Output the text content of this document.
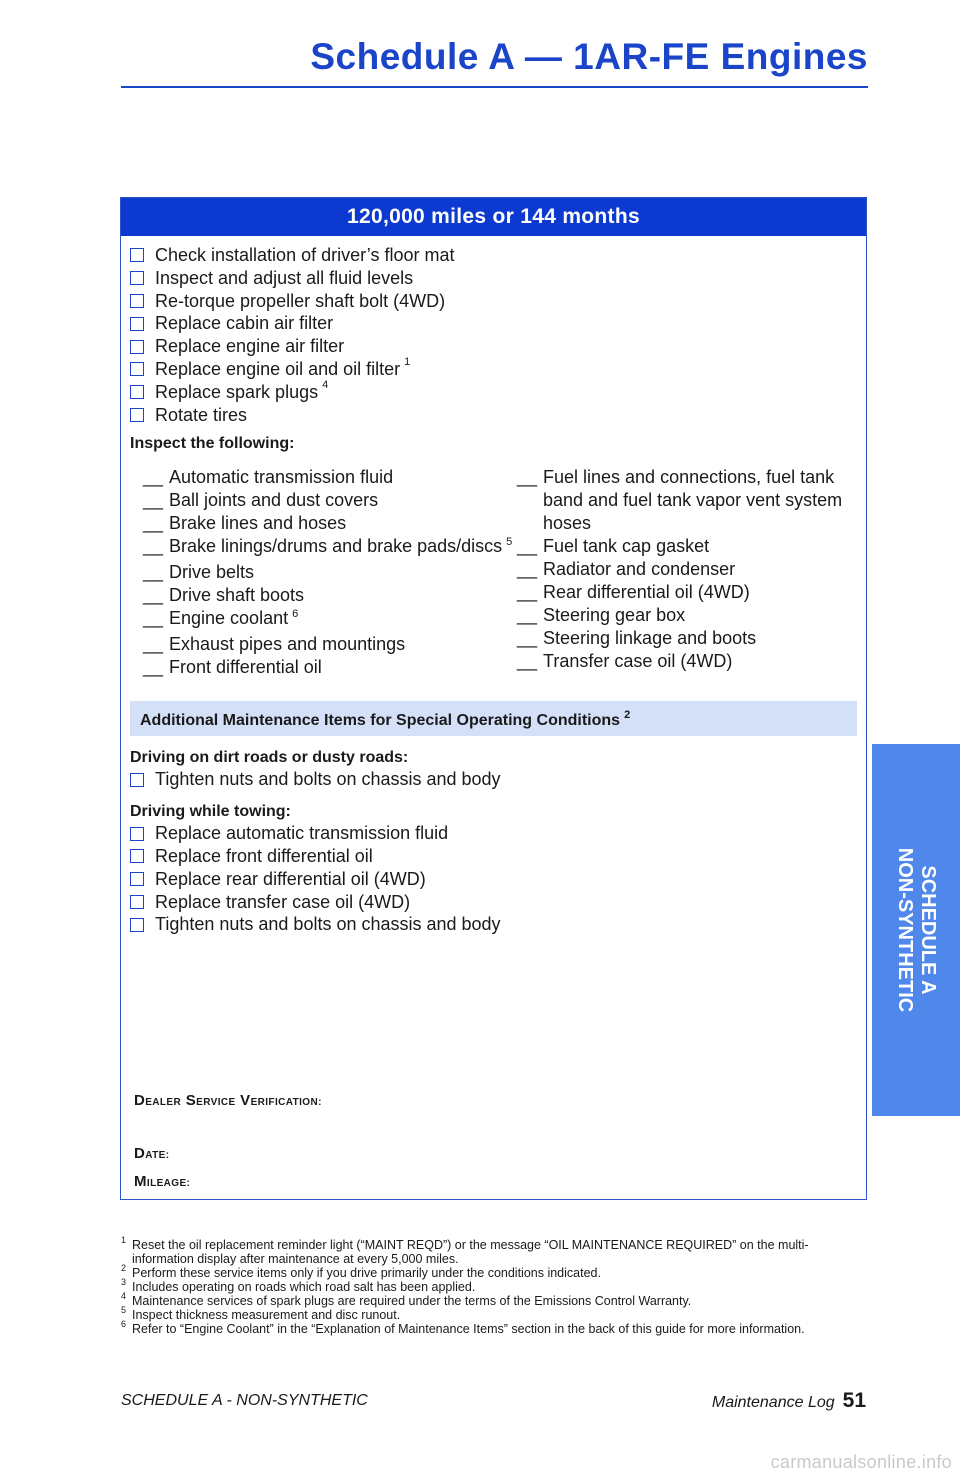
Schedule A — 1AR-FE Engines
120,000 miles or 144 months
Check installation of driver’s floor mat
Inspect and adjust all fluid levels
Re-torque propeller shaft bolt (4WD)
Replace cabin air filter
Replace engine air filter
Replace engine oil and oil filter $^1$
Replace spark plugs $^4$
Rotate tires
Inspect the following:
__ Automatic transmission fluid
__ Ball joints and dust covers
__ Brake lines and hoses
__ Brake linings/drums and brake pads/discs $^5$
__ Drive belts
__ Drive shaft boots
__ Engine coolant $^6$
__ Exhaust pipes and mountings
__ Front differential oil
__ Fuel lines and connections, fuel tank band and fuel tank vapor vent system hoses
__ Fuel tank cap gasket
__ Radiator and condenser
__ Rear differential oil (4WD)
__ Steering gear box
__ Steering linkage and boots
__ Transfer case oil (4WD)
Additional Maintenance Items for Special Operating Conditions $^2$
Driving on dirt roads or dusty roads:
Tighten nuts and bolts on chassis and body
Driving while towing:
Replace automatic transmission fluid
Replace front differential oil
Replace rear differential oil (4WD)
Replace transfer case oil (4WD)
Tighten nuts and bolts on chassis and body
DEALER SERVICE VERIFICATION:
DATE:
MILEAGE:
1 Reset the oil replacement reminder light (“MAINT REQD”) or the message “OIL MAINTENANCE REQUIRED” on the multi-information display after maintenance at every 5,000 miles.
2 Perform these service items only if you drive primarily under the conditions indicated.
3 Includes operating on roads which road salt has been applied.
4 Maintenance services of spark plugs are required under the terms of the Emissions Control Warranty.
5 Inspect thickness measurement and disc runout.
6 Refer to “Engine Coolant” in the “Explanation of Maintenance Items” section in the back of this guide for more information.
SCHEDULE A - NON-SYNTHETIC	Maintenance Log 51
SCHEDULE A
NON-SYNTHETIC
carmanualsonline.info
